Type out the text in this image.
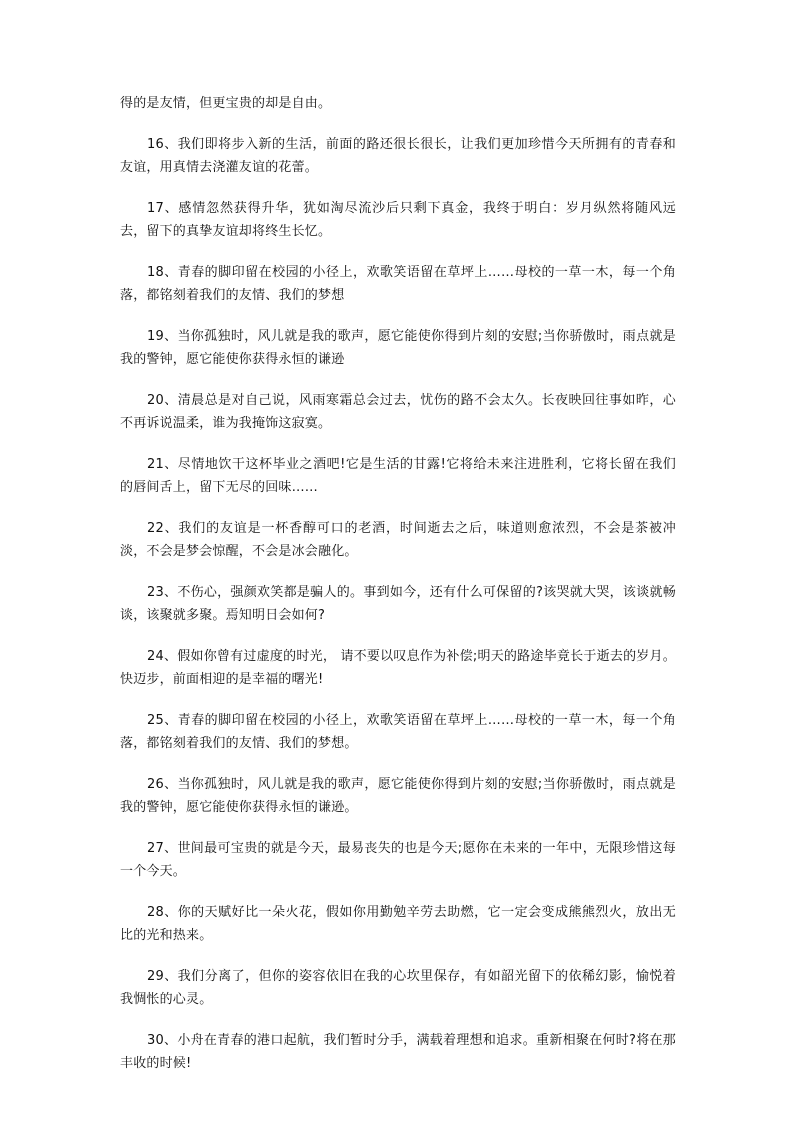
得的是友情，但更宝贵的却是自由。

16、我们即将步入新的生活，前面的路还很长很长，让我们更加珍惜今天所拥有的青春和友谊，用真情去浇灌友谊的花蕾。

17、感情忽然获得升华，犹如淘尽流沙后只剩下真金，我终于明白：岁月纵然将随风远去，留下的真挚友谊却将终生长忆。

18、青春的脚印留在校园的小径上，欢歌笑语留在草坪上……母校的一草一木，每一个角落，都铭刻着我们的友情、我们的梦想

19、当你孤独时，风儿就是我的歌声，愿它能使你得到片刻的安慰;当你骄傲时，雨点就是我的警钟，愿它能使你获得永恒的谦逊

20、清晨总是对自己说，风雨寒霜总会过去，忧伤的路不会太久。长夜映回往事如昨，心不再诉说温柔，谁为我掩饰这寂寞。

21、尽情地饮干这杯毕业之酒吧!它是生活的甘露!它将给未来注进胜利，它将长留在我们的唇间舌上，留下无尽的回味……

22、我们的友谊是一杯香醇可口的老酒，时间逝去之后，味道则愈浓烈，不会是茶被冲淡，不会是梦会惊醒，不会是冰会融化。

23、不伤心，强颜欢笑都是骗人的。事到如今，还有什么可保留的?该哭就大哭，该谈就畅谈，该聚就多聚。焉知明日会如何?

24、假如你曾有过虚度的时光， 请不要以叹息作为补偿;明天的路途毕竟长于逝去的岁月。快迈步，前面相迎的是幸福的曙光!

25、青春的脚印留在校园的小径上，欢歌笑语留在草坪上……母校的一草一木，每一个角落，都铭刻着我们的友情、我们的梦想。

26、当你孤独时，风儿就是我的歌声，愿它能使你得到片刻的安慰;当你骄傲时，雨点就是我的警钟，愿它能使你获得永恒的谦逊。

27、世间最可宝贵的就是今天，最易丧失的也是今天;愿你在未来的一年中，无限珍惜这每一个今天。

28、你的天赋好比一朵火花，假如你用勤勉辛劳去助燃，它一定会变成熊熊烈火，放出无比的光和热来。

29、我们分离了，但你的姿容依旧在我的心坎里保存，有如韶光留下的依稀幻影，愉悦着我惆怅的心灵。

30、小舟在青春的港口起航，我们暂时分手，满载着理想和追求。重新相聚在何时?将在那丰收的时候!
